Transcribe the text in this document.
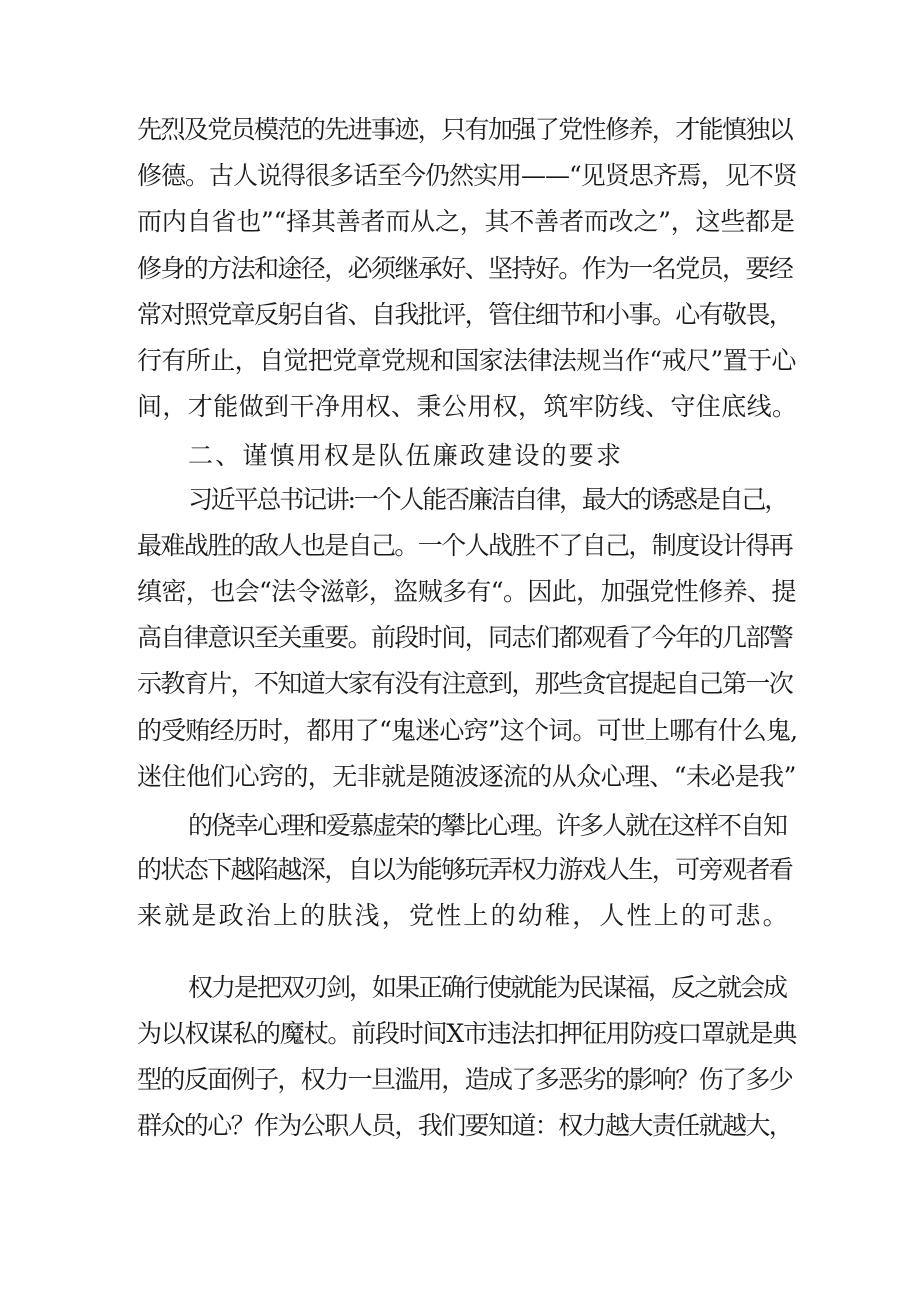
先烈及党员模范的先进事迹，只有加强了党性修养，才能慎独以
修德。古人说得很多话至今仍然实用——“见贤思齐焉，见不贤
而内自省也”“择其善者而从之，其不善者而改之”，这些都是
修身的方法和途径，必须继承好、坚持好。作为一名党员，要经
常对照党章反躬自省、自我批评，管住细节和小事。心有敬畏，
行有所止，自觉把党章党规和国家法律法规当作“戒尺”置于心
间，才能做到干净用权、秉公用权，筑牢防线、守住底线。
二、谨慎用权是队伍廉政建设的要求
习近平总书记讲:一个人能否廉洁自律，最大的诱惑是自己，
最难战胜的敌人也是自己。一个人战胜不了自己，制度设计得再
缜密，也会“法令滋彰，盗贼多有“。因此，加强党性修养、提
高自律意识至关重要。前段时间，同志们都观看了今年的几部警
示教育片，不知道大家有没有注意到，那些贪官提起自己第一次
的受贿经历时，都用了“鬼迷心窍”这个词。可世上哪有什么鬼,
迷住他们心窍的，无非就是随波逐流的从众心理、“未必是我”
的侥幸心理和爱慕虚荣的攀比心理。许多人就在这样不自知
的状态下越陷越深，自以为能够玩弄权力游戏人生，可旁观者看
来就是政治上的肤浅，党性上的幼稚，人性上的可悲。
权力是把双刃剑，如果正确行使就能为民谋福，反之就会成
为以权谋私的魔杖。前段时间X市违法扣押征用防疫口罩就是典
型的反面例子，权力一旦滥用，造成了多恶劣的影响？伤了多少
群众的心？作为公职人员，我们要知道：权力越大责任就越大，
